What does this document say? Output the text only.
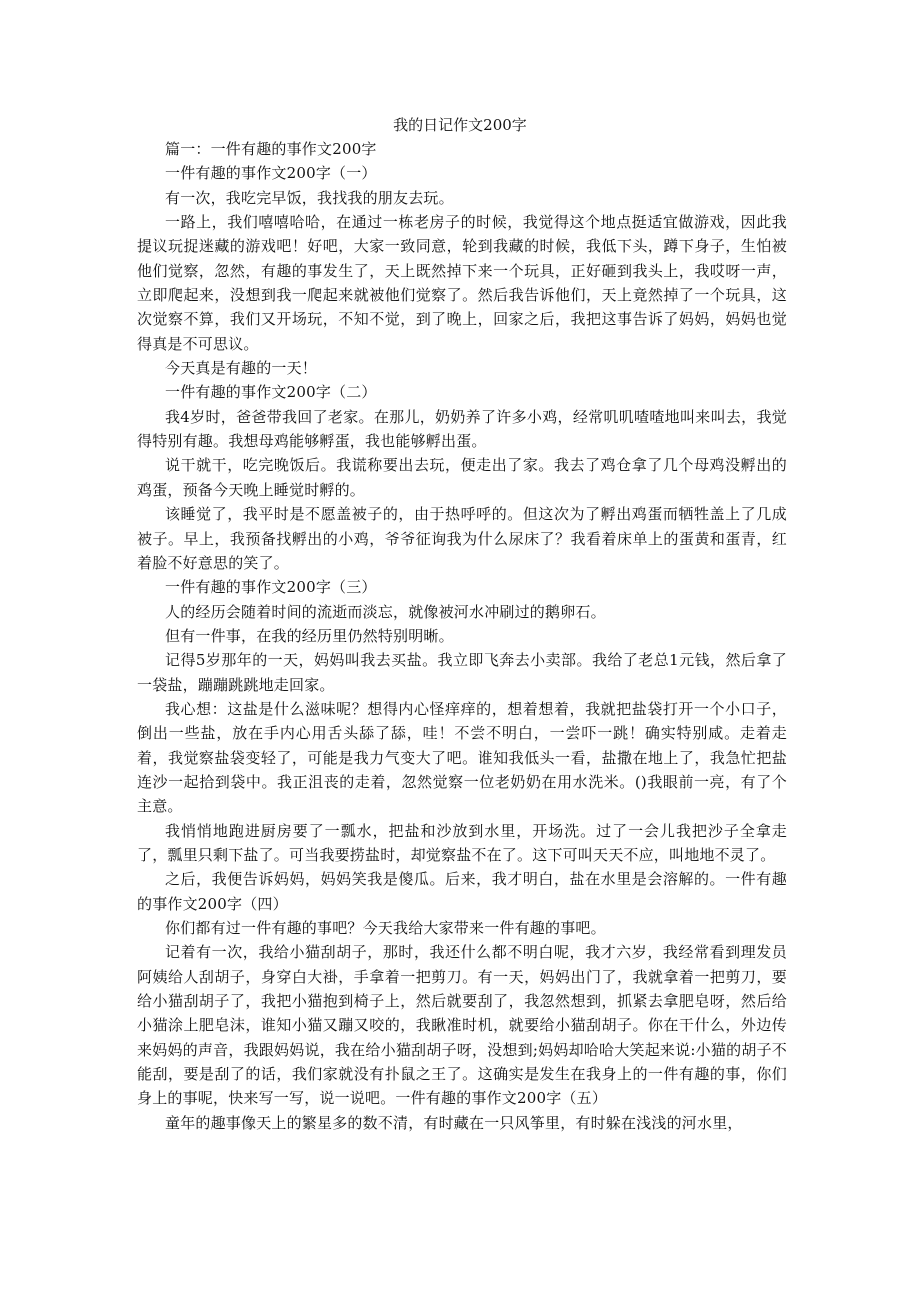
我的日记作文200字

篇一：一件有趣的事作文200字

一件有趣的事作文200字（一）

有一次，我吃完早饭，我找我的朋友去玩。

一路上，我们嘻嘻哈哈，在通过一栋老房子的时候，我觉得这个地点挺适宜做游戏，因此我提议玩捉迷藏的游戏吧！好吧，大家一致同意，轮到我藏的时候，我低下头，蹲下身子，生怕被他们觉察，忽然，有趣的事发生了，天上既然掉下来一个玩具，正好砸到我头上，我哎呀一声，立即爬起来，没想到我一爬起来就被他们觉察了。然后我告诉他们，天上竟然掉了一个玩具，这次觉察不算，我们又开场玩，不知不觉，到了晚上，回家之后，我把这事告诉了妈妈，妈妈也觉得真是不可思议。

今天真是有趣的一天！

一件有趣的事作文200字（二）

我4岁时，爸爸带我回了老家。在那儿，奶奶养了许多小鸡，经常叽叽喳喳地叫来叫去，我觉得特别有趣。我想母鸡能够孵蛋，我也能够孵出蛋。

说干就干，吃完晚饭后。我谎称要出去玩，便走出了家。我去了鸡仓拿了几个母鸡没孵出的鸡蛋，预备今天晚上睡觉时孵的。

该睡觉了，我平时是不愿盖被子的，由于热呼呼的。但这次为了孵出鸡蛋而牺牲盖上了几成被子。早上，我预备找孵出的小鸡，爷爷征询我为什么尿床了？我看着床单上的蛋黄和蛋青，红着脸不好意思的笑了。

一件有趣的事作文200字（三）

人的经历会随着时间的流逝而淡忘，就像被河水冲刷过的鹅卵石。

但有一件事，在我的经历里仍然特别明晰。

记得5岁那年的一天，妈妈叫我去买盐。我立即飞奔去小卖部。我给了老总1元钱，然后拿了一袋盐，蹦蹦跳跳地走回家。

我心想：这盐是什么滋味呢？想得内心怪痒痒的，想着想着，我就把盐袋打开一个小口子，倒出一些盐，放在手内心用舌头舔了舔，哇！不尝不明白，一尝吓一跳！确实特别咸。走着走着，我觉察盐袋变轻了，可能是我力气变大了吧。谁知我低头一看，盐撒在地上了，我急忙把盐连沙一起拾到袋中。我正沮丧的走着，忽然觉察一位老奶奶在用水洗米。()我眼前一亮，有了个主意。

我悄悄地跑进厨房要了一瓢水，把盐和沙放到水里，开场洗。过了一会儿我把沙子全拿走了，瓢里只剩下盐了。可当我要捞盐时，却觉察盐不在了。这下可叫天天不应，叫地地不灵了。

之后，我便告诉妈妈，妈妈笑我是傻瓜。后来，我才明白，盐在水里是会溶解的。一件有趣的事作文200字（四）

你们都有过一件有趣的事吧？今天我给大家带来一件有趣的事吧。

记着有一次，我给小猫刮胡子，那时，我还什么都不明白呢，我才六岁，我经常看到理发员阿姨给人刮胡子，身穿白大褂，手拿着一把剪刀。有一天，妈妈出门了，我就拿着一把剪刀，要给小猫刮胡子了，我把小猫抱到椅子上，然后就要刮了，我忽然想到，抓紧去拿肥皂呀，然后给小猫涂上肥皂沫，谁知小猫又蹦又咬的，我瞅准时机，就要给小猫刮胡子。你在干什么，外边传来妈妈的声音，我跟妈妈说，我在给小猫刮胡子呀，没想到;妈妈却哈哈大笑起来说:小猫的胡子不能刮，要是刮了的话，我们家就没有扑鼠之王了。这确实是发生在我身上的一件有趣的事，你们身上的事呢，快来写一写，说一说吧。一件有趣的事作文200字（五）

童年的趣事像天上的繁星多的数不清，有时藏在一只风筝里，有时躲在浅浅的河水里，
